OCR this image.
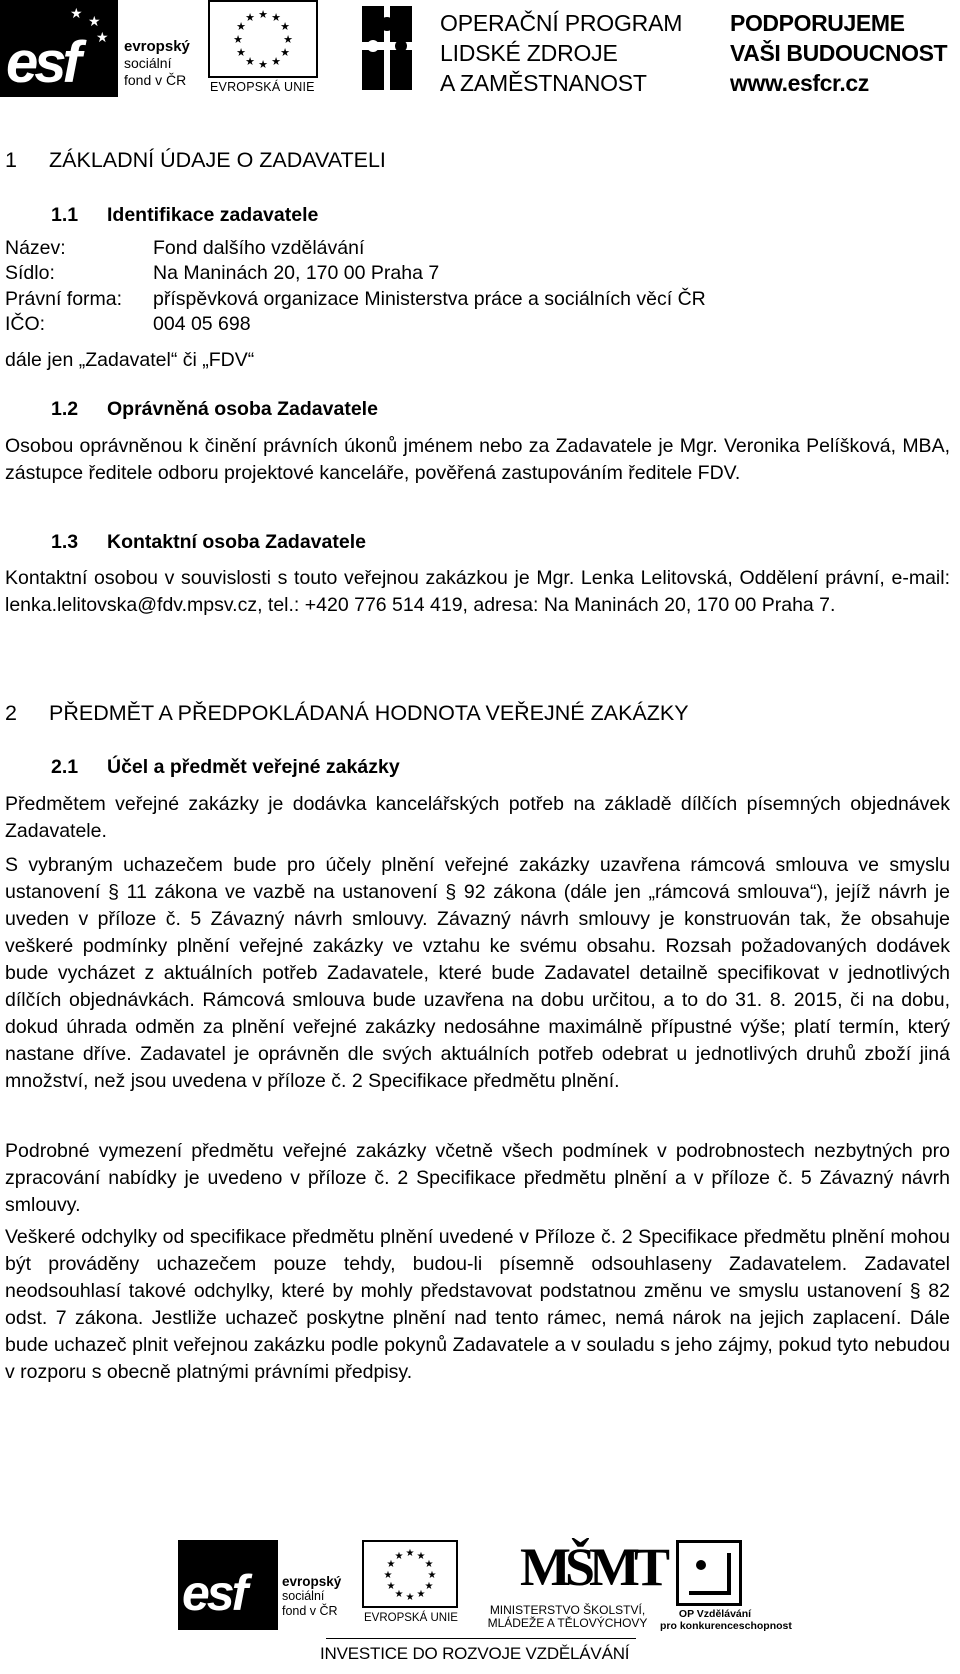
★ ★
★
esf	evropský
sociální
fond v ČR
★ ★
★
★
★
★
★
★
★
★
★
★
EVROPSKÁ UNIE
OPERAČNÍ PROGRAM
LIDSKÉ ZDROJE
A ZAMĚSTNANOST
PODPORUJEME
VAŠI BUDOUCNOST
www.esfcr.cz
1 ZÁKLADNÍ ÚDAJE O ZADAVATELI
1.1 Identifikace zadavatele
Název:	Fond dalšího vzdělávání
Sídlo:	Na Maninách 20, 170 00 Praha 7
Právní forma: příspěvková organizace Ministerstva práce a sociálních věcí ČR
IČO:	004 05 698
dále jen „Zadavatel“ či „FDV“
1.2 Oprávněná osoba Zadavatele
Osobou oprávněnou k činění právních úkonů jménem nebo za Zadavatele je Mgr. Veronika Pelíšková, MBA, zástupce ředitele odboru projektové kanceláře, pověřená zastupováním ředitele FDV.
1.3 Kontaktní osoba Zadavatele
Kontaktní osobou v souvislosti s touto veřejnou zakázkou je Mgr. Lenka Lelitovská, Oddělení právní, e-mail: lenka.lelitovska@fdv.mpsv.cz, tel.: +420 776 514 419, adresa: Na Maninách 20, 170 00 Praha 7.
2 PŘEDMĚT A PŘEDPOKLÁDANÁ HODNOTA VEŘEJNÉ ZAKÁZKY
2.1 Účel a předmět veřejné zakázky
Předmětem veřejné zakázky je dodávka kancelářských potřeb na základě dílčích písemných objednávek Zadavatele.
S vybraným uchazečem bude pro účely plnění veřejné zakázky uzavřena rámcová smlouva ve smyslu ustanovení § 11 zákona ve vazbě na ustanovení § 92 zákona (dále jen „rámcová smlouva“), jejíž návrh je uveden v příloze č. 5 Závazný návrh smlouvy. Závazný návrh smlouvy je konstruován tak, že obsahuje veškeré podmínky plnění veřejné zakázky ve vztahu ke svému obsahu. Rozsah požadovaných dodávek bude vycházet z aktuálních potřeb Zadavatele, které bude Zadavatel detailně specifikovat v jednotlivých dílčích objednávkách. Rámcová smlouva bude uzavřena na dobu určitou, a to do 31. 8. 2015, či na dobu, dokud úhrada odměn za plnění veřejné zakázky nedosáhne maximálně přípustné výše; platí termín, který nastane dříve. Zadavatel je oprávněn dle svých aktuálních potřeb odebrat u jednotlivých druhů zboží jiná množství, než jsou uvedena v příloze č. 2 Specifikace předmětu plnění.
Podrobné vymezení předmětu veřejné zakázky včetně všech podmínek v podrobnostech nezbytných pro zpracování nabídky je uvedeno v příloze č. 2 Specifikace předmětu plnění a v příloze č. 5 Závazný návrh smlouvy.
Veškeré odchylky od specifikace předmětu plnění uvedené v Příloze č. 2 Specifikace předmětu plnění mohou být prováděny uchazečem pouze tehdy, budou-li písemně odsouhlaseny Zadavatelem. Zadavatel neodsouhlasí takové odchylky, které by mohly představovat podstatnou změnu ve smyslu ustanovení § 82 odst. 7 zákona. Jestliže uchazeč poskytne plnění nad tento rámec, nemá nárok na jejich zaplacení. Dále bude uchazeč plnit veřejnou zakázku podle pokynů Zadavatele a v souladu s jeho zájmy, pokud tyto nebudou v rozporu s obecně platnými právními předpisy.
esf	evropský
sociální
fond v ČR
★ ★
★
★
★
★
★
★
★
★
★
★
EVROPSKÁ UNIE
MŠMT
MINISTERSTVO ŠKOLSTVÍ,
MLÁDEŽE A TĚLOVÝCHOVY
OP Vzdělávání
pro konkurenceschopnost
INVESTICE DO ROZVOJE VZDĚLÁVÁNÍ
